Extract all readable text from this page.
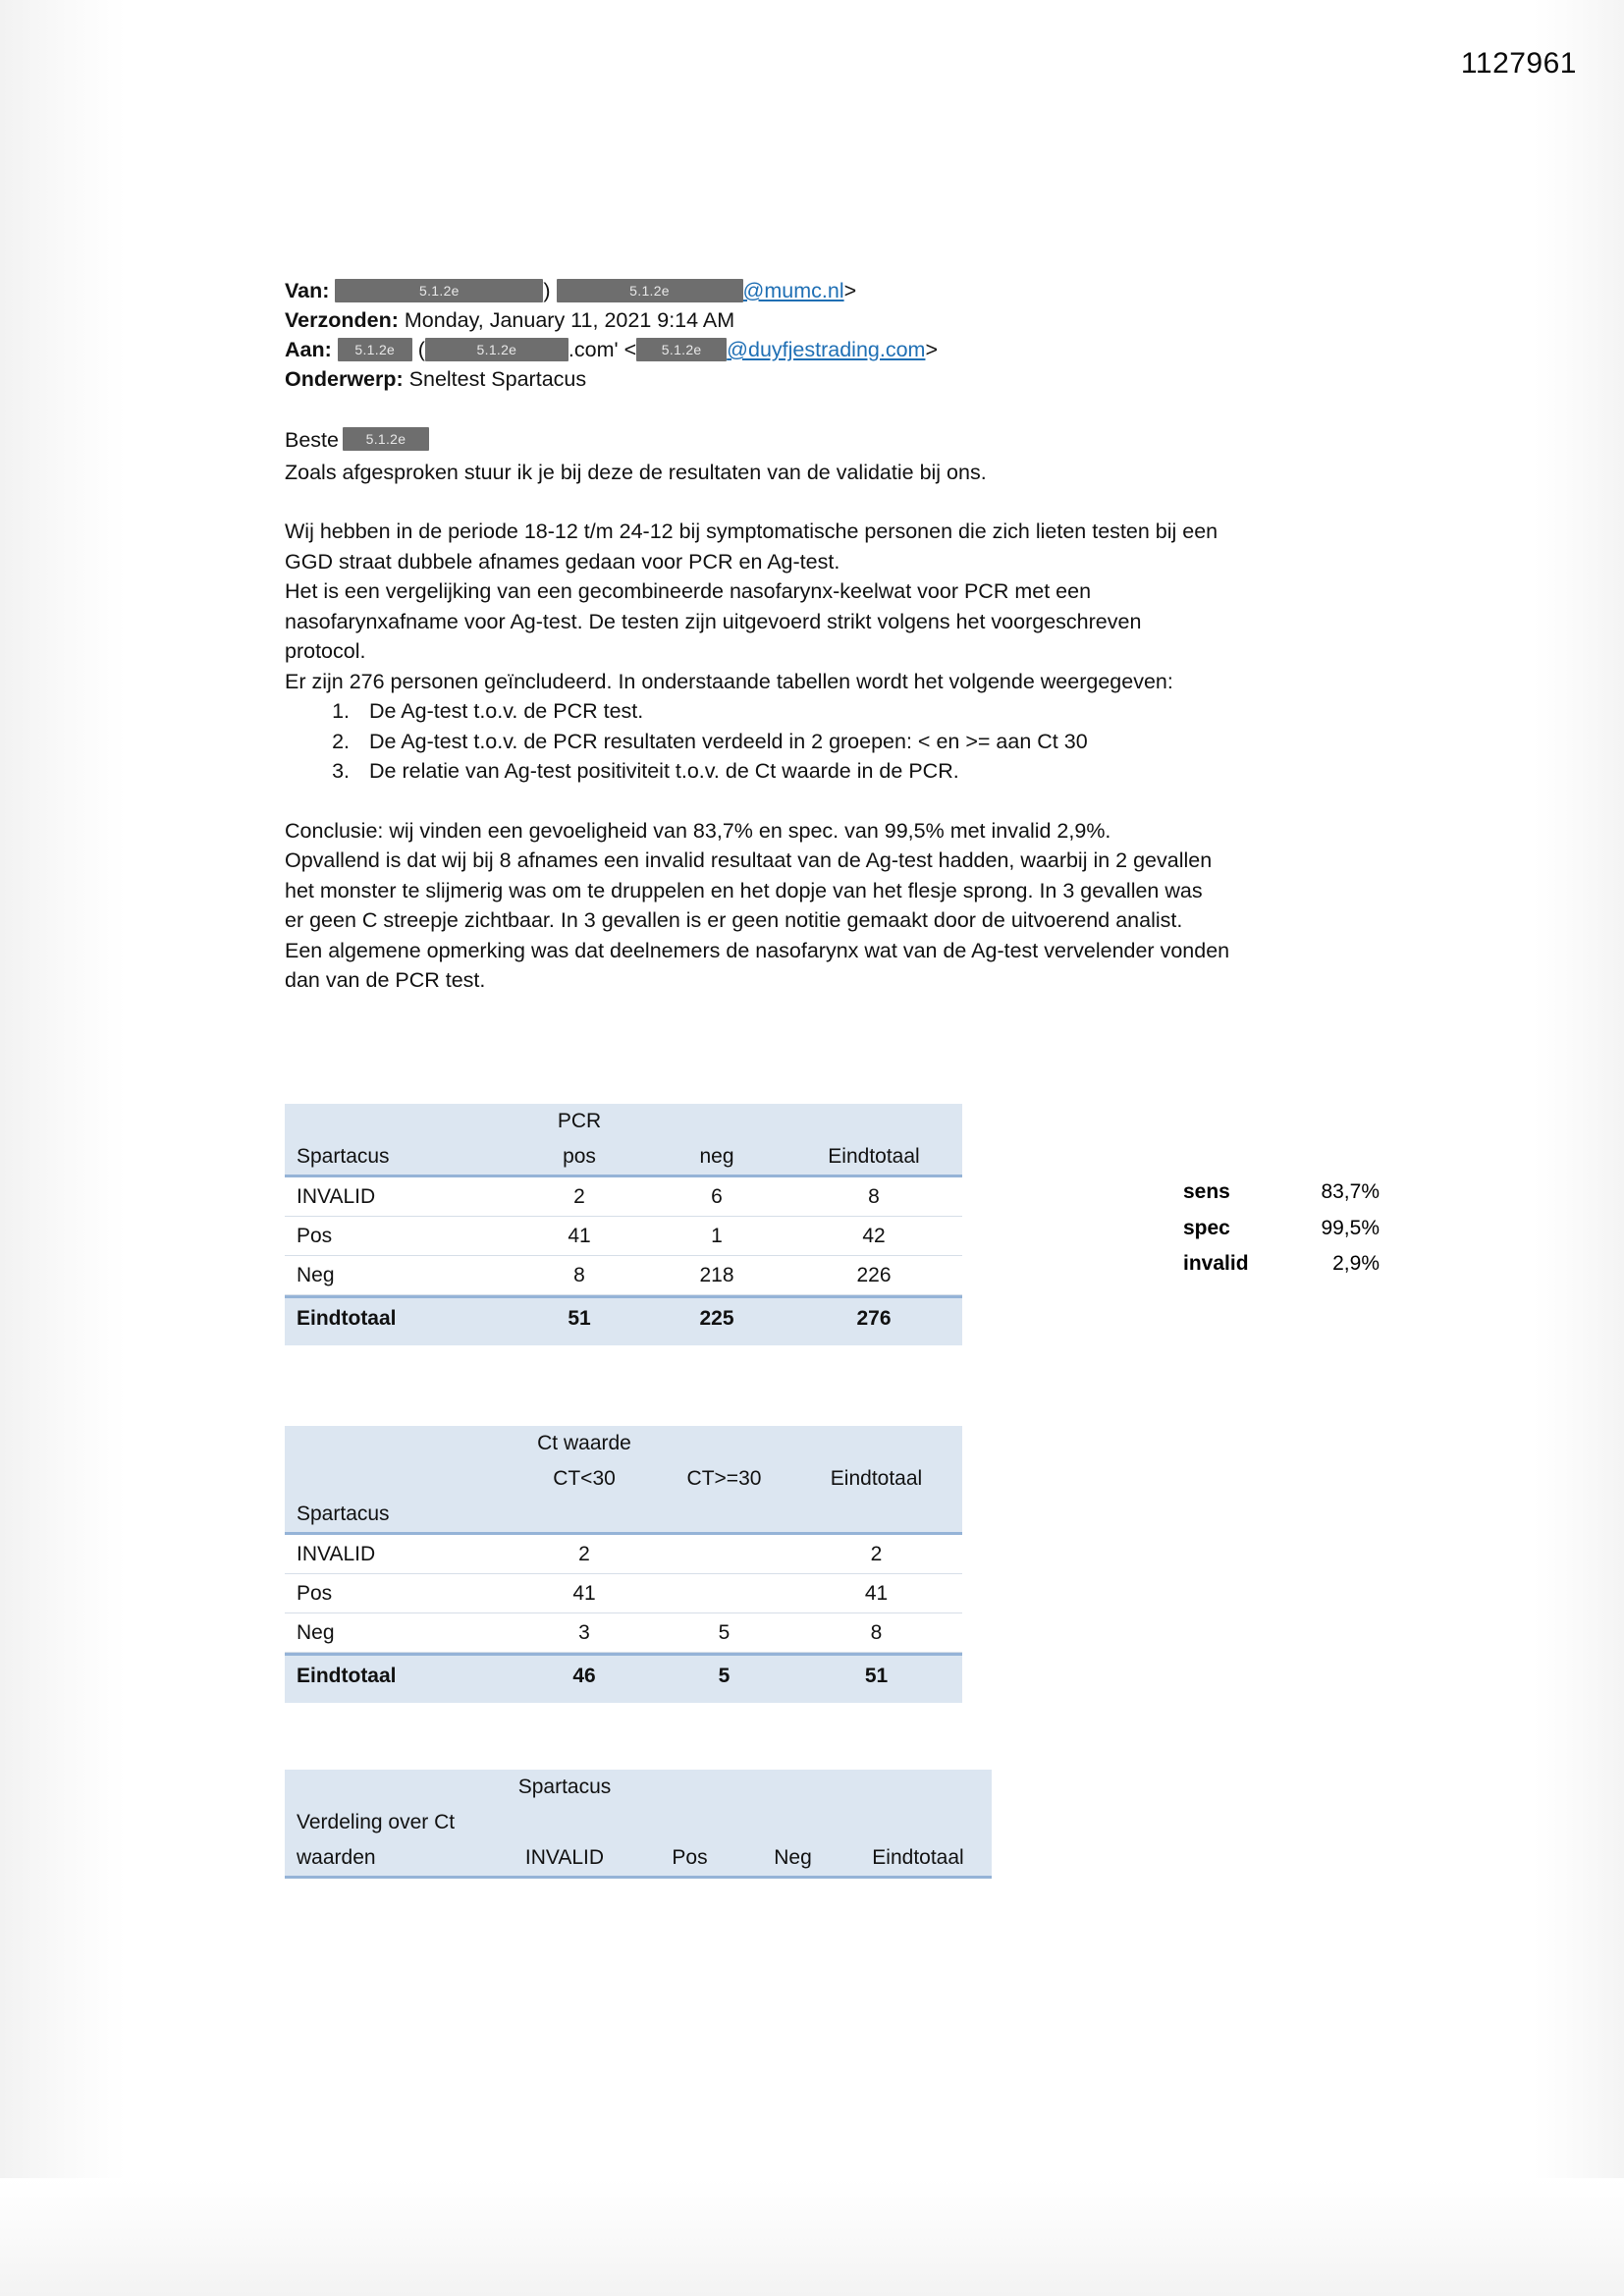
1127961
Van:	5.1.2e	)	5.1.2e	@mumc.nl>
Verzonden: Monday, January 11, 2021 9:14 AM
Aan: 5.1.2e (	5.1.2e .com' < 5.1.2e @duyfjestrading.com>
Onderwerp: Sneltest Spartacus
Beste	5.1.2e

Zoals afgesproken stuur ik je bij deze de resultaten van de validatie bij ons.

Wij hebben in de periode 18-12 t/m 24-12 bij symptomatische personen die zich lieten testen bij een

GGD straat dubbele afnames gedaan voor PCR en Ag-test.

Het is een vergelijking van een gecombineerde nasofarynx-keelwat voor PCR met een

nasofarynxafname voor Ag-test. De testen zijn uitgevoerd strikt volgens het voorgeschreven

protocol.

Er zijn 276 personen geïncludeerd. In onderstaande tabellen wordt het volgende weergegeven:

1. De Ag-test t.o.v. de PCR test.
2. De Ag-test t.o.v. de PCR resultaten verdeeld in 2 groepen: < en >= aan Ct 30
3. De relatie van Ag-test positiviteit t.o.v. de Ct waarde in de PCR.

Conclusie: wij vinden een gevoeligheid van 83,7% en spec. van 99,5% met invalid 2,9%.

Opvallend is dat wij bij 8 afnames een invalid resultaat van de Ag-test hadden, waarbij in 2 gevallen

het monster te slijmerig was om te druppelen en het dopje van het flesje sprong. In 3 gevallen was

er geen C streepje zichtbaar. In 3 gevallen is er geen notitie gemaakt door de uitvoerend analist.

Een algemene opmerking was dat deelnemers de nasofarynx wat van de Ag-test vervelender vonden

dan van de PCR test.

	PCR		
Spartacus	pos	neg	Eindtotaal

INVALID	2	6	8
Pos	41	1	42
Neg	8	218	226

Eindtotaal	51	225	276

sens	83,7%
spec	99,5%
invalid	2,9%
	Ct waarde		
	CT<30	CT>=30	Eindtotaal
Spartacus			

INVALID	2		2
Pos	41		41
Neg	3	5	8

Eindtotaal	46	5	51

	Spartacus			
Verdeling over Ct				
waarden	INVALID	Pos	Neg	Eindtotaal
